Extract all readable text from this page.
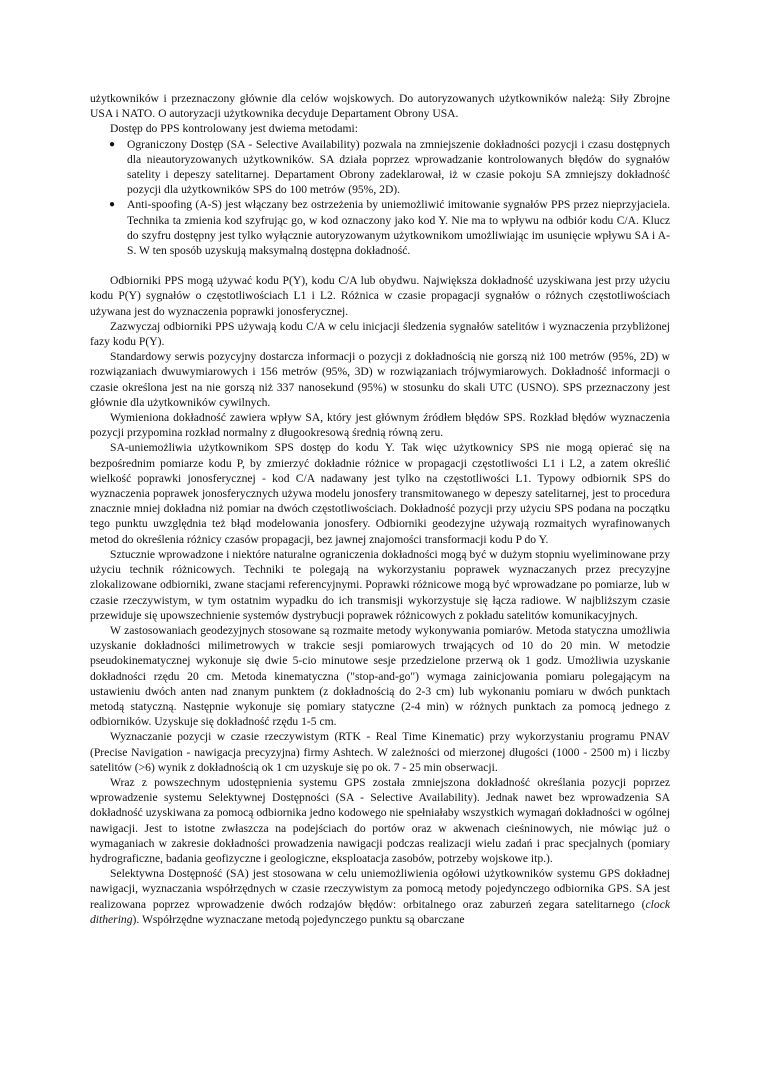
użytkowników i przeznaczony głównie dla celów wojskowych. Do autoryzowanych użytkowników należą: Siły Zbrojne USA i NATO. O autoryzacji użytkownika decyduje Departament Obrony USA.

Dostęp do PPS kontrolowany jest dwiema metodami:

● Ograniczony Dostęp (SA - Selective Availability) pozwala na zmniejszenie dokładności pozycji i czasu dostępnych dla nieautoryzowanych użytkowników. SA działa poprzez wprowadzanie kontrolowanych błędów do sygnałów satelity i depeszy satelitarnej. Departament Obrony zadeklarował, iż w czasie pokoju SA zmniejszy dokładność pozycji dla użytkowników SPS do 100 metrów (95%, 2D).
● Anti-spoofing (A-S) jest włączany bez ostrzeżenia by uniemożliwić imitowanie sygnałów PPS przez nieprzyjaciela. Technika ta zmienia kod szyfrując go, w kod oznaczony jako kod Y. Nie ma to wpływu na odbiór kodu C/A. Klucz do szyfru dostępny jest tylko wyłącznie autoryzowanym użytkownikom umożliwiając im usunięcie wpływu SA i A-S. W ten sposób uzyskują maksymalną dostępna dokładność.

Odbiorniki PPS mogą używać kodu P(Y), kodu C/A lub obydwu. Największa dokładność uzyskiwana jest przy użyciu kodu P(Y) sygnałów o częstotliwościach L1 i L2. Różnica w czasie propagacji sygnałów o różnych częstotliwościach używana jest do wyznaczenia poprawki jonosferycznej.

Zazwyczaj odbiorniki PPS używają kodu C/A w celu inicjacji śledzenia sygnałów satelitów i wyznaczenia przybliżonej fazy kodu P(Y).

Standardowy serwis pozycyjny dostarcza informacji o pozycji z dokładnością nie gorszą niż 100 metrów (95%, 2D) w rozwiązaniach dwuwymiarowych i 156 metrów (95%, 3D) w rozwiązaniach trójwymiarowych. Dokładność informacji o czasie określona jest na nie gorszą niż 337 nanosekund (95%) w stosunku do skali UTC (USNO). SPS przeznaczony jest głównie dla użytkowników cywilnych.

Wymieniona dokładność zawiera wpływ SA, który jest głównym źródłem błędów SPS. Rozkład błędów wyznaczenia pozycji przypomina rozkład normalny z długookresową średnią równą zeru.

SA-uniemożliwia użytkownikom SPS dostęp do kodu Y. Tak więc użytkownicy SPS nie mogą opierać się na bezpośrednim pomiarze kodu P, by zmierzyć dokładnie różnice w propagacji częstotliwości L1 i L2, a zatem określić wielkość poprawki jonosferycznej - kod C/A nadawany jest tylko na częstotliwości L1. Typowy odbiornik SPS do wyznaczenia poprawek jonosferycznych używa modelu jonosfery transmitowanego w depeszy satelitarnej, jest to procedura znacznie mniej dokładna niż pomiar na dwóch częstotliwościach. Dokładność pozycji przy użyciu SPS podana na początku tego punktu uwzględnia też błąd modelowania jonosfery. Odbiorniki geodezyjne używają rozmaitych wyrafinowanych metod do określenia różnicy czasów propagacji, bez jawnej znajomości transformacji kodu P do Y.

Sztucznie wprowadzone i niektóre naturalne ograniczenia dokładności mogą być w dużym stopniu wyeliminowane przy użyciu technik różnicowych. Techniki te polegają na wykorzystaniu poprawek wyznaczanych przez precyzyjne zlokalizowane odbiorniki, zwane stacjami referencyjnymi. Poprawki różnicowe mogą być wprowadzane po pomiarze, lub w czasie rzeczywistym, w tym ostatnim wypadku do ich transmisji wykorzystuje się łącza radiowe. W najbliższym czasie przewiduje się upowszechnienie systemów dystrybucji poprawek różnicowych z pokładu satelitów komunikacyjnych.

W zastosowaniach geodezyjnych stosowane są rozmaite metody wykonywania pomiarów. Metoda statyczna umożliwia uzyskanie dokładności milimetrowych w trakcie sesji pomiarowych trwających od 10 do 20 min. W metodzie pseudokinematycznej wykonuje się dwie 5-cio minutowe sesje przedzielone przerwą ok 1 godz. Umożliwia uzyskanie dokładności rzędu 20 cm. Metoda kinematyczna ("stop-and-go") wymaga zainicjowania pomiaru polegającym na ustawieniu dwóch anten nad znanym punktem (z dokładnością do 2-3 cm) lub wykonaniu pomiaru w dwóch punktach metodą statyczną. Następnie wykonuje się pomiary statyczne (2-4 min) w różnych punktach za pomocą jednego z odbiorników. Uzyskuje się dokładność rzędu 1-5 cm.

Wyznaczanie pozycji w czasie rzeczywistym (RTK - Real Time Kinematic) przy wykorzystaniu programu PNAV (Precise Navigation - nawigacja precyzyjna) firmy Ashtech. W zależności od mierzonej długości (1000 - 2500 m) i liczby satelitów (>6) wynik z dokładnością ok 1 cm uzyskuje się po ok. 7 - 25 min obserwacji.

Wraz z powszechnym udostępnienia systemu GPS została zmniejszona dokładność określania pozycji poprzez wprowadzenie systemu Selektywnej Dostępności (SA - Selective Availability). Jednak nawet bez wprowadzenia SA dokładność uzyskiwana za pomocą odbiornika jedno kodowego nie spełniałaby wszystkich wymagań dokładności w ogólnej nawigacji. Jest to istotne zwłaszcza na podejściach do portów oraz w akwenach cieśninowych, nie mówiąc już o wymaganiach w zakresie dokładności prowadzenia nawigacji podczas realizacji wielu zadań i prac specjalnych (pomiary hydrograficzne, badania geofizyczne i geologiczne, eksploatacja zasobów, potrzeby wojskowe itp.).

Selektywna Dostępność (SA) jest stosowana w celu uniemożliwienia ogółowi użytkowników systemu GPS dokładnej nawigacji, wyznaczania współrzędnych w czasie rzeczywistym za pomocą metody pojedynczego odbiornika GPS. SA jest realizowana poprzez wprowadzenie dwóch rodzajów błędów: orbitalnego oraz zaburzeń zegara satelitarnego (clock dithering). Współrzędne wyznaczane metodą pojedynczego punktu są obarczane
